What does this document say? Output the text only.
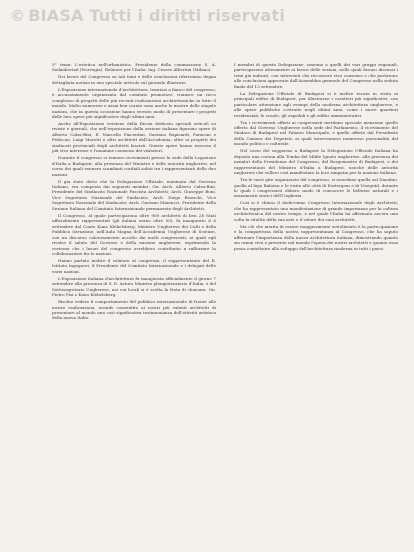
© BIASA Tutti i diritti riservati

5° tema: L'estetica nell'urbanistica. Presidente della commissione S. A. Sedanbertad (Norvegia). Relatore per l'Italia: Ing. Cesare Albertini (Milano).

Dei lavori del Congresso su tali temi e delle conclusioni riferiranno degna dettagliata notizia in uno speciale articolo sul giornale illustrato.

L'Esposizione internazionale d'architettura, tenutasi a fianco del congresso, è accuratamente organizzata dal comitato promotore, riunisce un ricco complesso di progetti delle più recenti realizzazioni architettoniche in tutto il mondo. Molto numerose e assai ben curate sono anche le mostre delle singole nazioni, che in questa occasione hanno trovato modo di presentare i progetti delle loro opere più significative degli ultimi anni.

Anche all'Esposizione versione della Riccia dedicato speciali articoli su riviste e giornali, che nell'esposizione della sezione italiana figurano opere di Alberto Calza-Bini, E. Marcello Piacentini, Gaetano Rapisardi, Paniconi e Pediconi, Luigi Moretti e altri architetti dell'Accademia, oltre ai progetti dei sindacati provinciali degli architetti fascisti. Queste opere hanno riscosso il più vivo interesse e l'unanime consenso dei visitatori.

Durante il congresso si tennero ricevimenti presso la sede della Legazione d'Italia a Budapest, alla presenza del Ministro e delle autorità ungheresi, nel corso dei quali vennero scambiati cordiali saluti tra i rappresentanti delle due nazioni.

Il gia stato detto che la Delegazione Ufficiale, nominata dal Governo Italiano, era composta dai seguenti membri: On. Arch. Alberto Calza-Bini, Presidente del Sindacato Nazionale Fascista Architetti; Arch. Giuseppe Boni, Vice Segretario Nazionale del Sindacato; Arch. Diego Brioschi, Vice Segretario Nazionale del Sindacato; Arch. Gaetano Minnucci, Presidente della Sezione Italiana del Comitato Internazionale permanente degli Architetti.

Il Congresso, al quale parteciparono oltre 900 architetti di ben 28 Stati ufficialmente rappresentati (gli italiani erano oltre 50), fu inaugurato il 6 settembre dal Conte Kuno Klebelsberg, Ministro Ungherese dei Culti e della Pubblica Istruzione, nell'Aula Magna dell'Accademia Ungherese di Scienze, con un discorso calorosamente accolto dai molti congressisti, ai quali egli rivolse il saluto del Governo e della nazione ungherese, esprimendo la certezza che i lavori del congresso avrebbero contribuito a rafforzare la collaborazione fra le nazioni.

Hanno parlato inoltre il relatore al congresso, il rappresentante del R. Istituto Ingegneri, il Presidente del Comitato Internazionale e i delegati delle varie nazioni.

L'Esposizione italiana d'architettura fu inaugurata ufficialmente il giorno 7 settembre alla presenza di S. E. Arturo Ministro plenipotenziario d'Italia, e del Sottosegretario Ungherese, nei cui locali si è svolta la festa di chiusura. On. Pietro Pisi e Kuno Klebelsberg.

Rischio vedere il comportamento del pubblico internazionale di fronte alle nostre realizzazioni, avendo consentito ai nostri più valenti architetti di presentare al mondo una così significativa testimonianza dell'attività artistica della nuova Italia.

I membri di questa Delegazione, insieme a quelli dei vari gruppi regionali, parteciparono attivamente ai lavori delle sezioni, nelle quali furono discussi i temi già indicati, con interventi che riscossero vivo consenso e che portarono alle conclusioni approvate dall'Assemblea generale del Congresso nella seduta finale del 13 settembre.

La Delegazione Ufficiale di Budapest si è inoltre recata in visita ai principali edifici di Budapest, per illustrarne i caratteri più significativi, con particolare attenzione agli esempi della moderna architettura ungherese, e alle opere pubbliche costruite negli ultimi anni, come i nuovi quartieri residenziali, le scuole, gli ospedali e gli edifici amministrativi.

Tra i ricevimenti offerti ai congressisti meritano speciale menzione quello offerto dal Governo Ungherese nella sede del Parlamento, il ricevimento del Sindaco di Budapest nel Palazzo Municipale, e quello offerto dal Presidente della Camera dei Deputati, ai quali intervennero numerose personalità del mondo politico e culturale.

Nel corso del soggiorno a Budapest la Delegazione Ufficiale Italiana ha deposto una corona alla Tomba del Milite Ignoto ungherese, alla presenza dei membri della Presidenza del Congresso, del Borgomastro di Budapest, e dei rappresentanti del Ministro d'Italia a Budapest, nonché delle autorità ungheresi che vollero così manifestare la loro simpatia per la nazione italiana.

Tra le varie gite organizzate dal congresso, si ricordano quella sul Danubio, quella al lago Balaton e le visite alle città di Esztergom e di Visegrád, durante le quali i congressisti ebbero modo di conoscere le bellezze naturali e i monumenti storici dell'Ungheria.

Così si è chiuso il dodicesimo Congresso Internazionale degli Architetti, che ha rappresentato una manifestazione di grande importanza per la cultura architettonica del nostro tempo, e nel quale l'Italia ha affermato ancora una volta la vitalità della sua arte e il valore dei suoi architetti.

Ma ciò che merita di essere maggiormente sottolineato è la partecipazione e la compattezza della nostra rappresentanza al Congresso, che ha saputo affermare l'importanza della nuova architettura italiana, dimostrando quanto sia ormai viva e presente nel mondo l'opera dei nostri architetti e quanto essa possa contribuire allo sviluppo dell'architettura moderna in tutti i paesi.
